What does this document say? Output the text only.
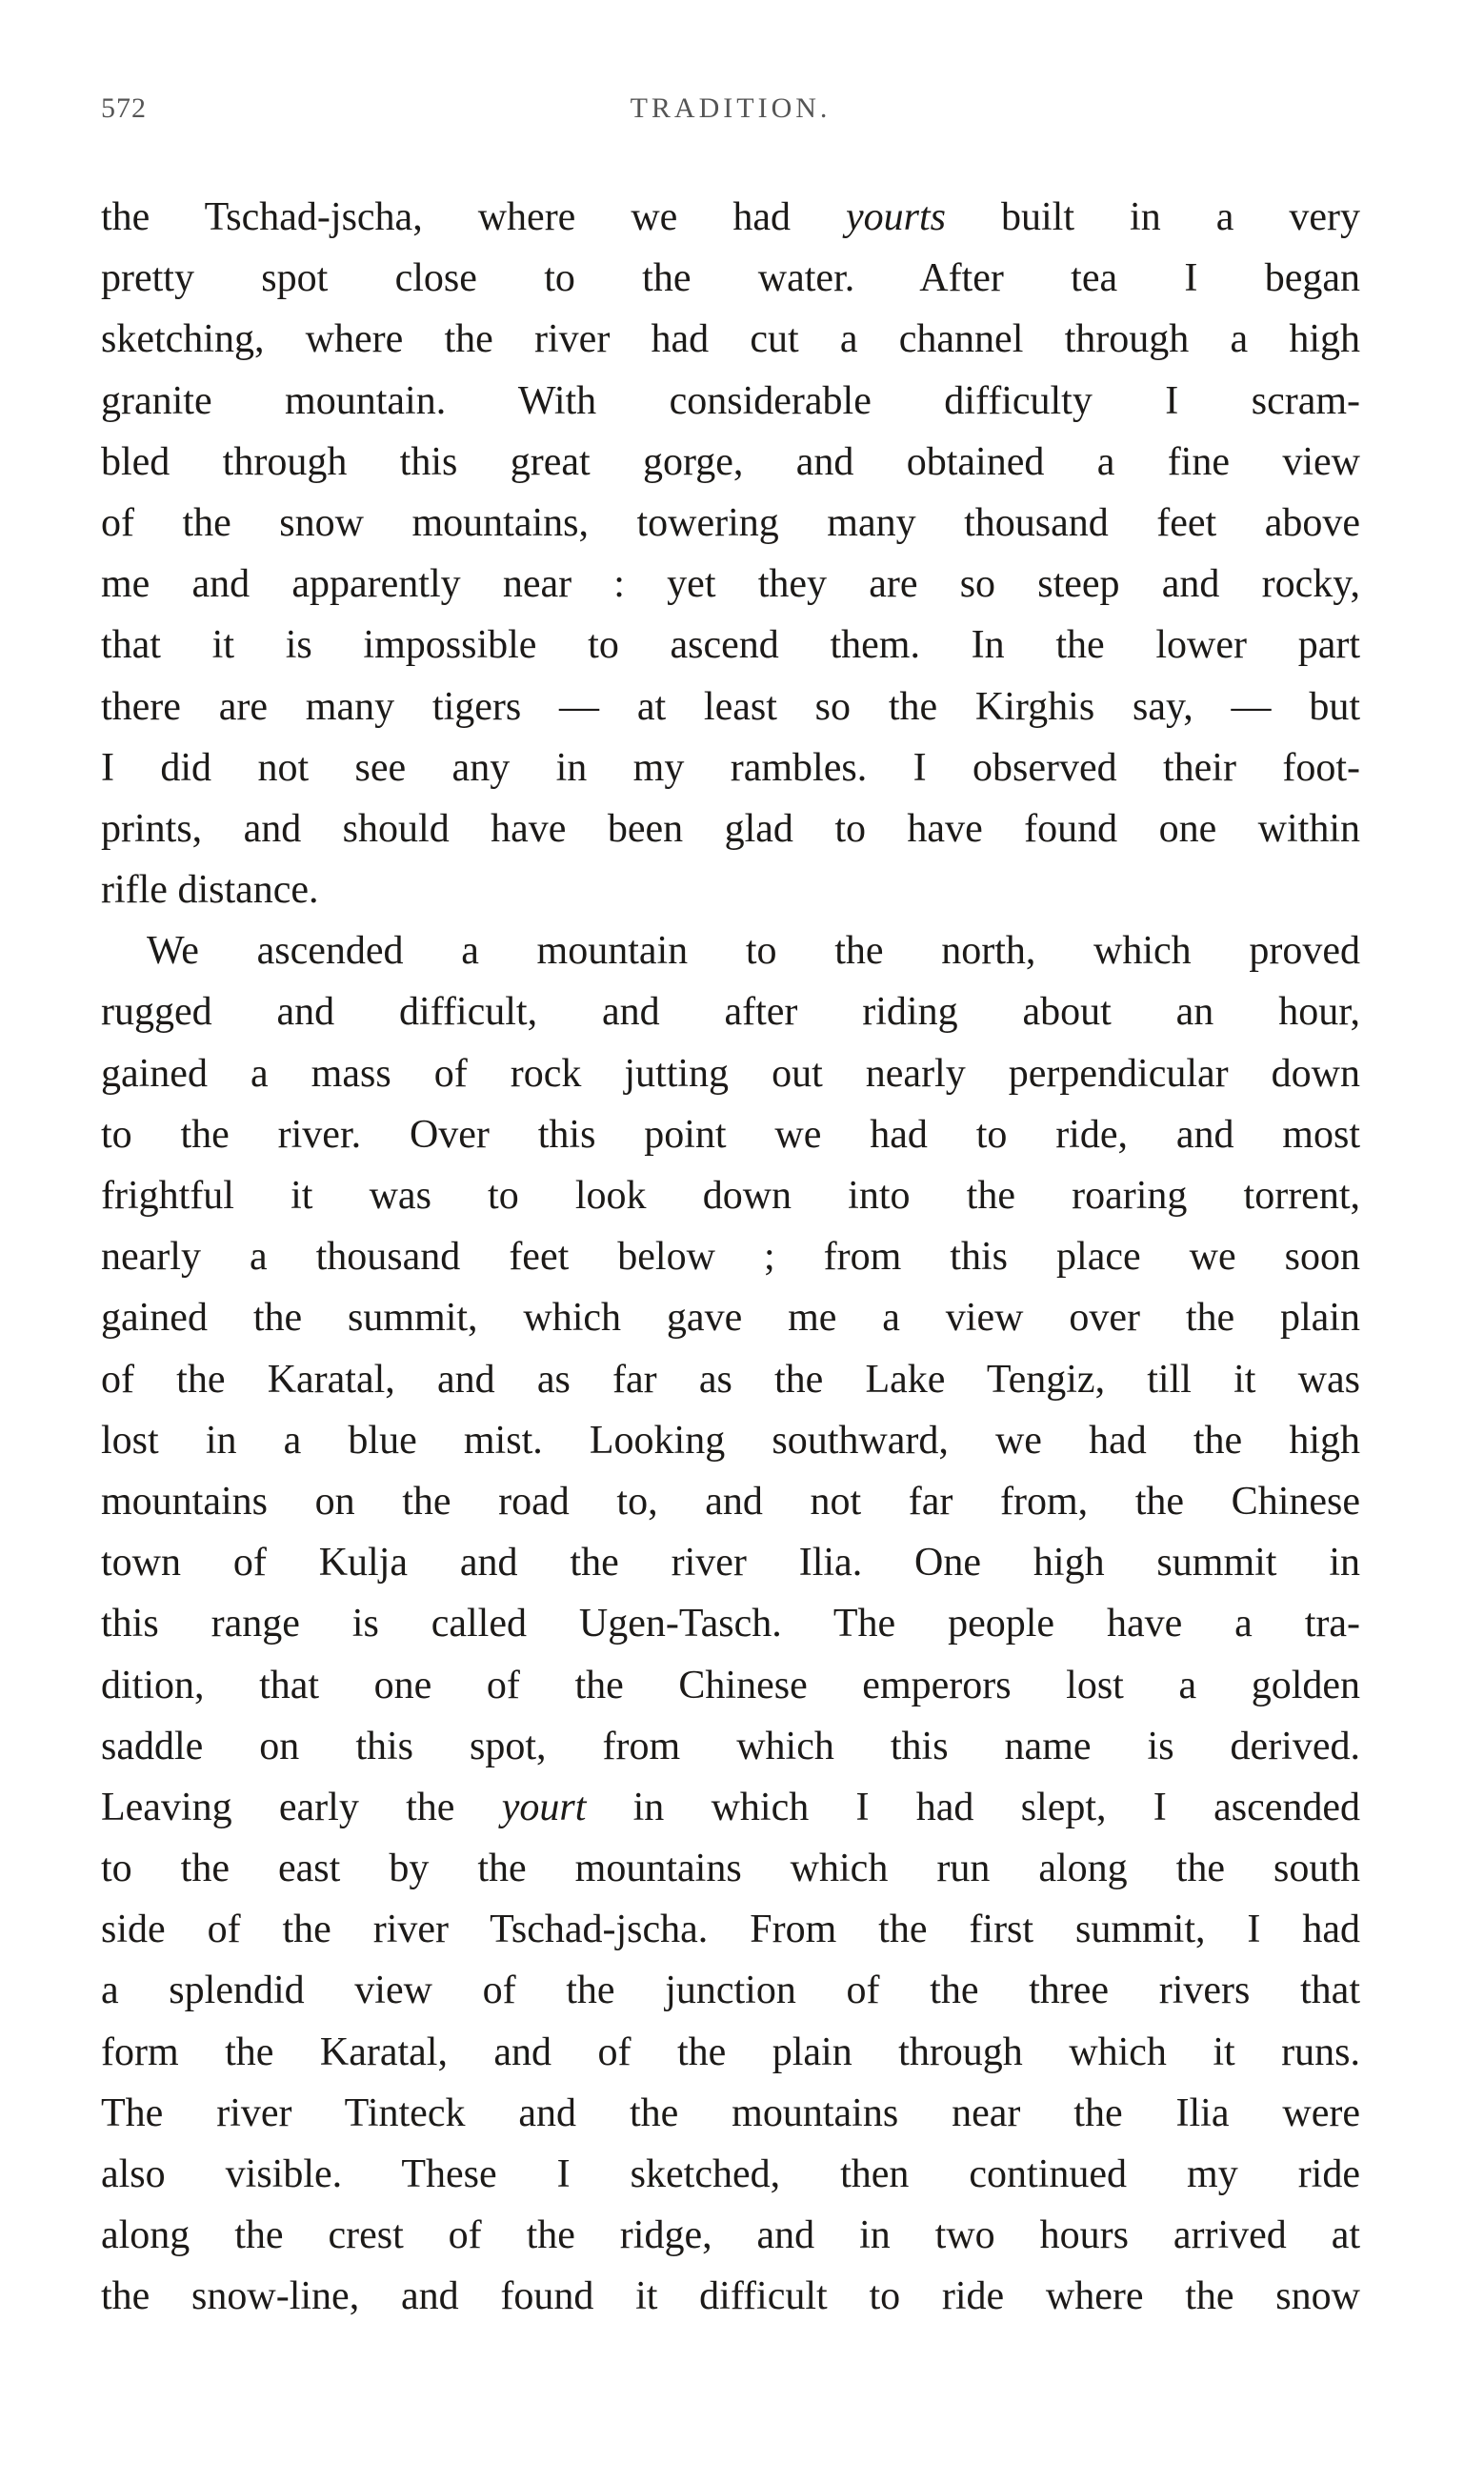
572	TRADITION.
the Tschad-jscha, where we had yourts built in a very
pretty spot close to the water. After tea I began
sketching, where the river had cut a channel through a high
granite mountain. With considerable difficulty I scram-
bled through this great gorge, and obtained a fine view
of the snow mountains, towering many thousand feet above
me and apparently near : yet they are so steep and rocky,
that it is impossible to ascend them. In the lower part
there are many tigers — at least so the Kirghis say, — but
I did not see any in my rambles. I observed their foot-
prints, and should have been glad to have found one within
rifle distance.
We ascended a mountain to the north, which proved
rugged and difficult, and after riding about an hour,
gained a mass of rock jutting out nearly perpendicular down
to the river. Over this point we had to ride, and most
frightful it was to look down into the roaring torrent,
nearly a thousand feet below ; from this place we soon
gained the summit, which gave me a view over the plain
of the Karatal, and as far as the Lake Tengiz, till it was
lost in a blue mist. Looking southward, we had the high
mountains on the road to, and not far from, the Chinese
town of Kulja and the river Ilia. One high summit in
this range is called Ugen-Tasch. The people have a tra-
dition, that one of the Chinese emperors lost a golden
saddle on this spot, from which this name is derived.
Leaving early the yourt in which I had slept, I ascended
to the east by the mountains which run along the south
side of the river Tschad-jscha. From the first summit, I had
a splendid view of the junction of the three rivers that
form the Karatal, and of the plain through which it runs.
The river Tinteck and the mountains near the Ilia were
also visible. These I sketched, then continued my ride
along the crest of the ridge, and in two hours arrived at
the snow-line, and found it difficult to ride where the snow
